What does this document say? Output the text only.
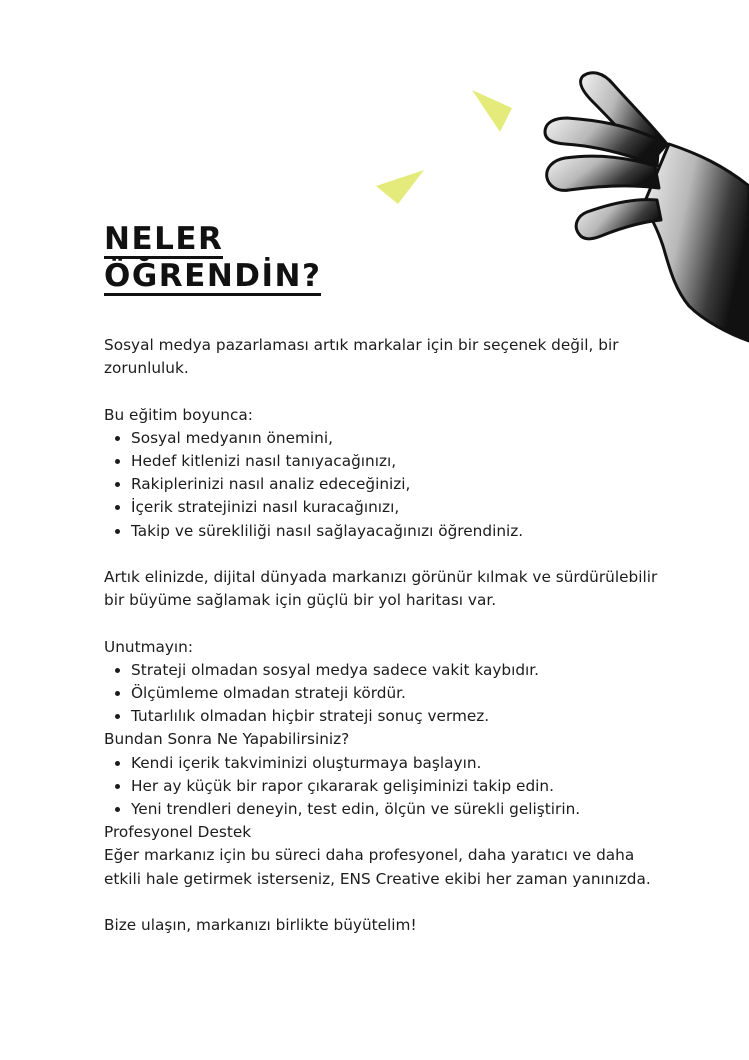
NELER
ÖĞRENDİN?

Sosyal medya pazarlaması artık markalar için bir seçenek değil, bir zorunluluk.

Bu eğitim boyunca:

• Sosyal medyanın önemini,
• Hedef kitlenizi nasıl tanıyacağınızı,
• Rakiplerinizi nasıl analiz edeceğinizi,
• İçerik stratejinizi nasıl kuracağınızı,
• Takip ve sürekliliği nasıl sağlayacağınızı öğrendiniz.

Artık elinizde, dijital dünyada markanızı görünür kılmak ve sürdürülebilir bir büyüme sağlamak için güçlü bir yol haritası var.

Unutmayın:

• Strateji olmadan sosyal medya sadece vakit kaybıdır.
• Ölçümleme olmadan strateji kördür.
• Tutarlılık olmadan hiçbir strateji sonuç vermez.

Bundan Sonra Ne Yapabilirsiniz?

• Kendi içerik takviminizi oluşturmaya başlayın.
• Her ay küçük bir rapor çıkararak gelişiminizi takip edin.
• Yeni trendleri deneyin, test edin, ölçün ve sürekli geliştirin.

Profesyonel Destek

Eğer markanız için bu süreci daha profesyonel, daha yaratıcı ve daha etkili hale getirmek isterseniz, ENS Creative ekibi her zaman yanınızda.

Bize ulaşın, markanızı birlikte büyütelim!
